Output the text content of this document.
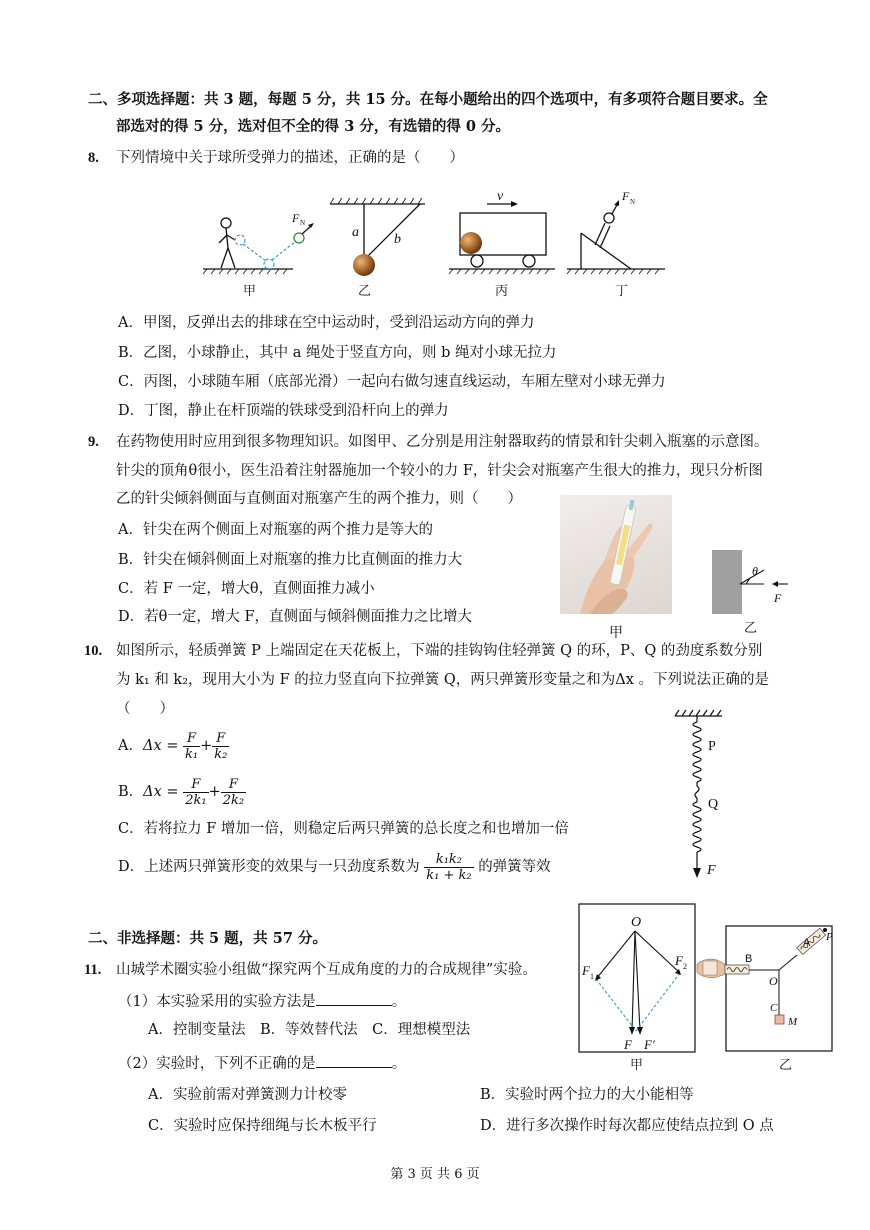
二、多项选择题：共 3 题，每题 5 分，共 15 分。在每小题给出的四个选项中，有多项符合题目要求。全
部选对的得 5 分，选对但不全的得 3 分，有选错的得 0 分。
8. 下列情境中关于球所受弹力的描述，正确的是（　　）
F N
甲
a	b
乙
v
丙
F N
丁
A．甲图，反弹出去的排球在空中运动时，受到沿运动方向的弹力
B．乙图，小球静止，其中 a 绳处于竖直方向，则 b 绳对小球无拉力
C．丙图，小球随车厢（底部光滑）一起向右做匀速直线运动，车厢左壁对小球无弹力
D．丁图，静止在杆顶端的铁球受到沿杆向上的弹力
9. 在药物使用时应用到很多物理知识。如图甲、乙分别是用注射器取药的情景和针尖刺入瓶塞的示意图。
针尖的顶角θ很小，医生沿着注射器施加一个较小的力 F，针尖会对瓶塞产生很大的推力，现只分析图
乙的针尖倾斜侧面与直侧面对瓶塞产生的两个推力，则（　　）
A．针尖在两个侧面上对瓶塞的两个推力是等大的
B．针尖在倾斜侧面上对瓶塞的推力比直侧面的推力大
C．若 F 一定，增大θ，直侧面推力减小
D．若θ一定，增大 F，直侧面与倾斜侧面推力之比增大
甲
θ
F
乙
10. 如图所示，轻质弹簧 P 上端固定在天花板上，下端的挂钩钩住轻弹簧 Q 的环，P、Q 的劲度系数分别
为 k₁ 和 k₂，现用大小为 F 的拉力竖直向下拉弹簧 Q，两只弹簧形变量之和为Δx 。下列说法正确的是
（　　）
A．$\Delta x = \frac{F}{\text{k₁}} + \frac{F}{\text{k₂}}$
B．$\Delta x = \frac{F}{\text{2k₁}} + \frac{F}{\text{2k₂}}$
C．若将拉力 F 增加一倍，则稳定后两只弹簧的总长度之和也增加一倍
D．上述两只弹簧形变的效果与一只劲度系数为 $\frac{\text{k₁k₂}}{\text{k₁ + k₂}}$ 的弹簧等效
P
Q
F
二、非选择题：共 5 题，共 57 分。
11. 山城学术圈实验小组做“探究两个互成角度的力的合成规律”实验。
（1）本实验采用的实验方法是	。
A．控制变量法　B．等效替代法　C．理想模型法
（2）实验时，下列不正确的是	。
A．实验前需对弹簧测力计校零	B．实验时两个拉力的大小能相等
C．实验时应保持细绳与长木板平行	D．进行多次操作时每次都应使结点拉到 O 点
O
F 1
F 2
F F′
甲
A P
B
O
C
M
乙
第 3 页 共 6 页
